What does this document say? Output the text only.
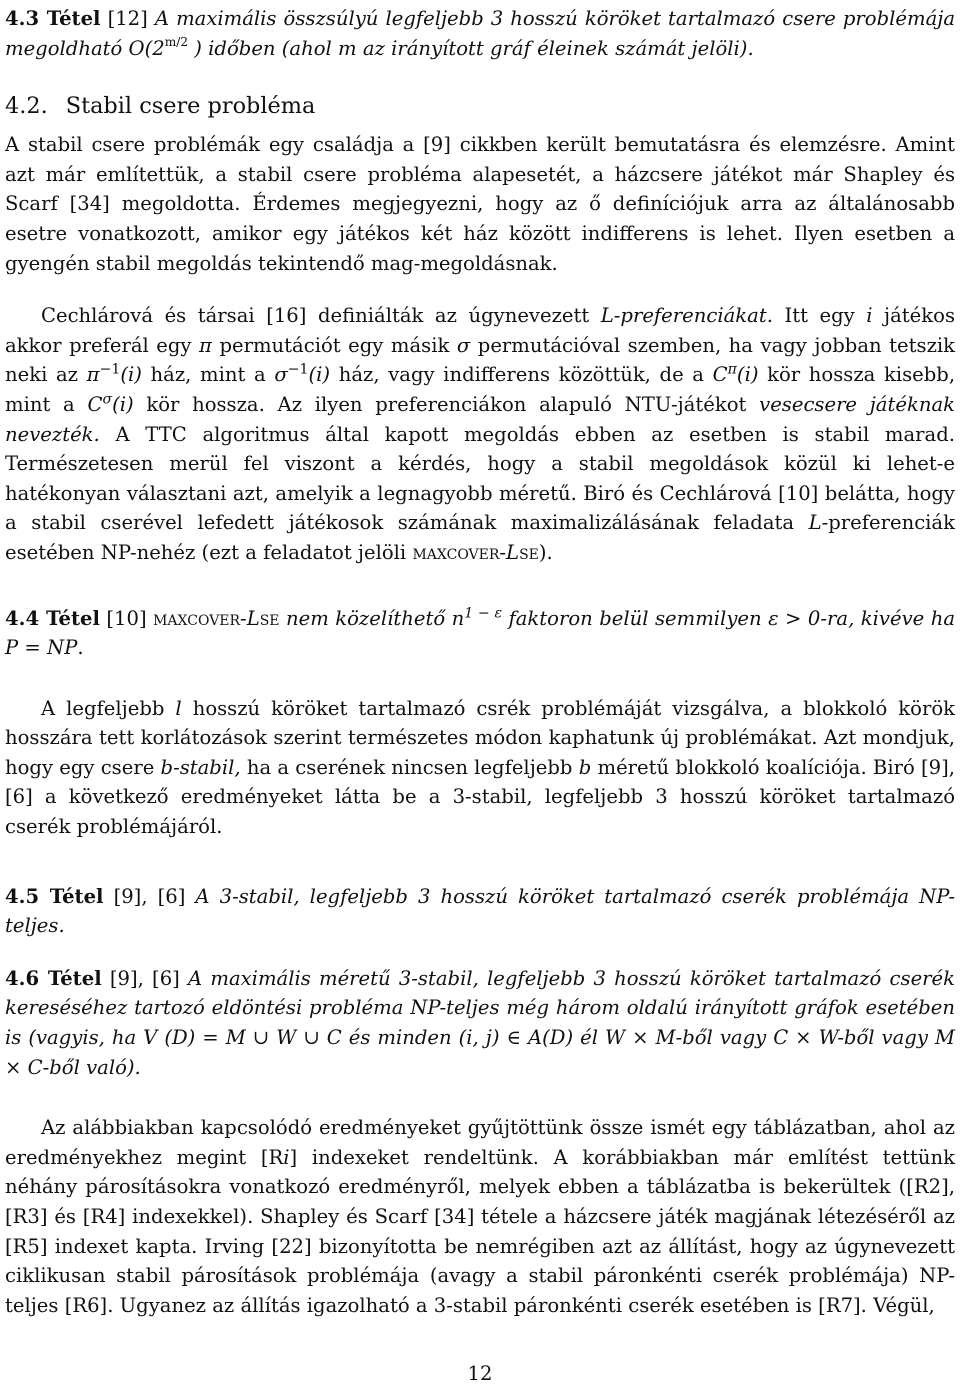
4.3 Tétel [12] A maximális összsúlyú legfeljebb 3 hosszú köröket tartalmazó csere problémája megoldható $O(2^{m/2}$ ) időben (ahol m az irányított gráf éleinek számát jelöli).

4.2. Stabil csere probléma

A stabil csere problémák egy családja a [9] cikkben került bemutatásra és elemzésre. Amint azt már említettük, a stabil csere probléma alapesetét, a házcsere játékot már Shapley és Scarf [34] megoldotta. Érdemes megjegyezni, hogy az ő definíciójuk arra az általánosabb esetre vonatkozott, amikor egy játékos két ház között indifferens is lehet. Ilyen esetben a gyengén stabil megoldás tekintendő mag-megoldásnak.

Cechlárová és társai [16] definiálták az úgynevezett L-preferenciákat. Itt egy i játékos akkor preferál egy π permutációt egy másik σ permutációval szemben, ha vagy jobban tetszik neki az $\pi^{-1}(i)$ ház, mint a $\sigma^{-1}(i)$ ház, vagy indifferens közöttük, de a $C^\pi(i)$ kör hossza kisebb, mint a $C^\sigma(i)$ kör hossza. Az ilyen preferenciákon alapuló NTU-játékot vesecsere játéknak nevezték. A TTC algoritmus által kapott megoldás ebben az esetben is stabil marad. Természetesen merül fel viszont a kérdés, hogy a stabil megoldások közül ki lehet-e hatékonyan választani azt, amelyik a legnagyobb méretű. Biró és Cechlárová [10] belátta, hogy a stabil cserével lefedett játékosok számának maximalizálásának feladata L-preferenciák esetében NP-nehéz (ezt a feladatot jelöli maxcover-Lse).

4.4 Tétel [10] maxcover-Lse nem közelíthető $n^{1 - \varepsilon}$ faktoron belül semmilyen ε > 0-ra, kivéve ha P = NP.

A legfeljebb l hosszú köröket tartalmazó csrék problémáját vizsgálva, a blokkoló körök hosszára tett korlátozások szerint természetes módon kaphatunk új problémákat. Azt mondjuk, hogy egy csere b-stabil, ha a cserének nincsen legfeljebb b méretű blokkoló koalíciója. Biró [9], [6] a következő eredményeket látta be a 3-stabil, legfeljebb 3 hosszú köröket tartalmazó cserék problémájáról.

4.5 Tétel [9], [6] A 3-stabil, legfeljebb 3 hosszú köröket tartalmazó cserék problémája NP-teljes.

4.6 Tétel [9], [6] A maximális méretű 3-stabil, legfeljebb 3 hosszú köröket tartalmazó cserék kereséséhez tartozó eldöntési probléma NP-teljes még három oldalú irányított gráfok esetében is (vagyis, ha V (D) = M ∪ W ∪ C és minden (i, j) ∈ A(D) él W × M-ből vagy C × W-ből vagy M × C-ből való).

Az alábbiakban kapcsolódó eredményeket gyűjtöttünk össze ismét egy táblázatban, ahol az eredményekhez megint [Ri] indexeket rendeltünk. A korábbiakban már említést tettünk néhány párosításokra vonatkozó eredményről, melyek ebben a táblázatba is bekerültek ([R2], [R3] és [R4] indexekkel). Shapley és Scarf [34] tétele a házcsere játék magjának létezéséről az [R5] indexet kapta. Irving [22] bizonyította be nemrégiben azt az állítást, hogy az úgynevezett ciklikusan stabil párosítások problémája (avagy a stabil páronkénti cserék problémája) NP-teljes [R6]. Ugyanez az állítás igazolható a 3-stabil páronkénti cserék esetében is [R7]. Végül,

12
